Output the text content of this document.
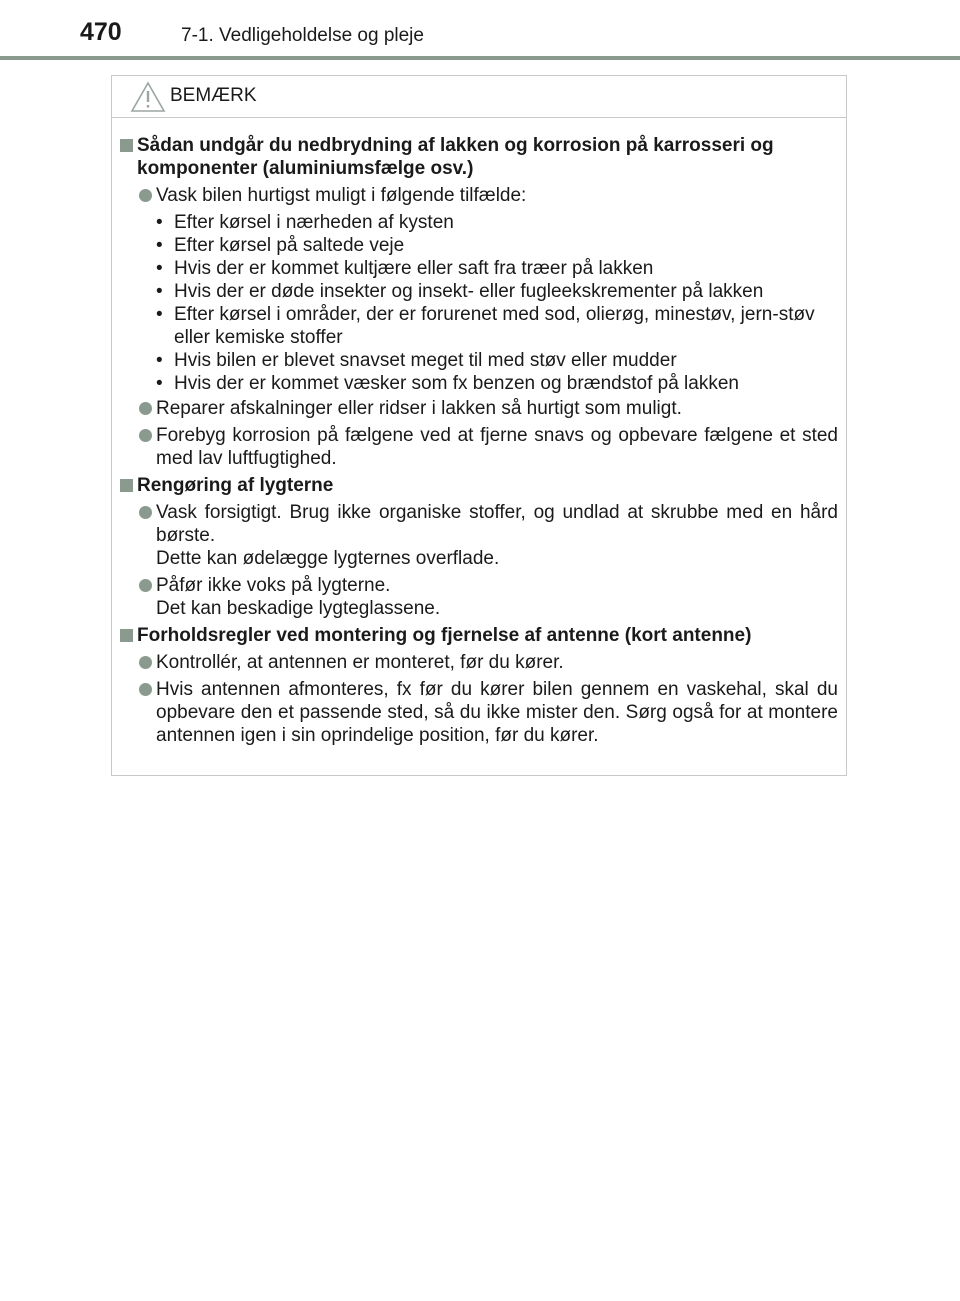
470	7-1. Vedligeholdelse og pleje
BEMÆRK
Sådan undgår du nedbrydning af lakken og korrosion på karrosseri og komponenter (aluminiumsfælge osv.)
Vask bilen hurtigst muligt i følgende tilfælde:
• Efter kørsel i nærheden af kysten
• Efter kørsel på saltede veje
• Hvis der er kommet kultjære eller saft fra træer på lakken
• Hvis der er døde insekter og insekt- eller fugleekskrementer på lakken
• Efter kørsel i områder, der er forurenet med sod, olierøg, minestøv, jern-støv eller kemiske stoffer
• Hvis bilen er blevet snavset meget til med støv eller mudder
• Hvis der er kommet væsker som fx benzen og brændstof på lakken
Reparer afskalninger eller ridser i lakken så hurtigt som muligt.
Forebyg korrosion på fælgene ved at fjerne snavs og opbevare fælgene et sted med lav luftfugtighed.
Rengøring af lygterne
Vask forsigtigt. Brug ikke organiske stoffer, og undlad at skrubbe med en hård børste.
Dette kan ødelægge lygternes overflade.
Påfør ikke voks på lygterne.
Det kan beskadige lygteglassene.
Forholdsregler ved montering og fjernelse af antenne (kort antenne)
Kontrollér, at antennen er monteret, før du kører.
Hvis antennen afmonteres, fx før du kører bilen gennem en vaskehal, skal du opbevare den et passende sted, så du ikke mister den. Sørg også for at montere antennen igen i sin oprindelige position, før du kører.
